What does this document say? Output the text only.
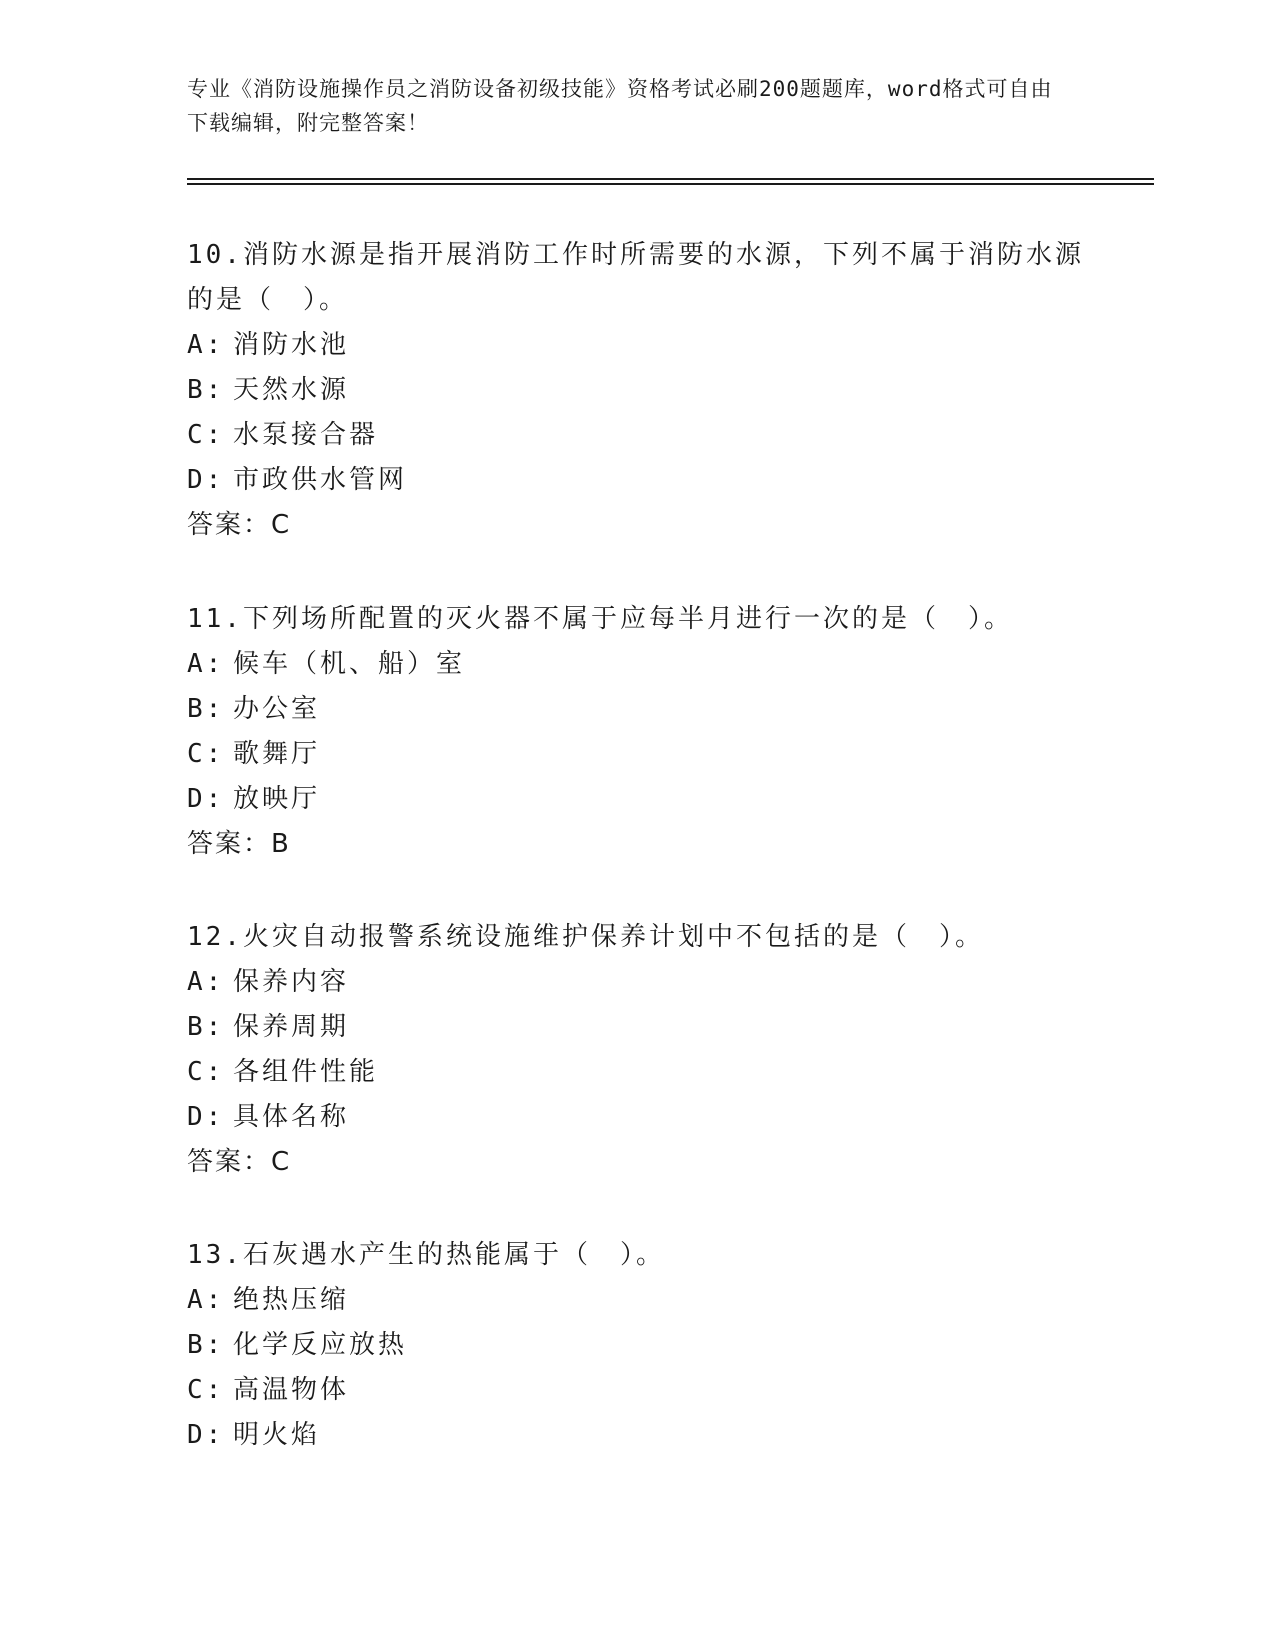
专业《消防设施操作员之消防设备初级技能》资格考试必刷200题题库，word格式可自由下载编辑，附完整答案！

10.消防水源是指开展消防工作时所需要的水源，下列不属于消防水源的是（　）。

A: 消防水池

B: 天然水源

C: 水泵接合器

D: 市政供水管网

答案：C

11.下列场所配置的灭火器不属于应每半月进行一次的是（　）。

A: 候车（机、船）室

B: 办公室

C: 歌舞厅

D: 放映厅

答案：B

12.火灾自动报警系统设施维护保养计划中不包括的是（　）。

A: 保养内容

B: 保养周期

C: 各组件性能

D: 具体名称

答案：C

13.石灰遇水产生的热能属于（　）。

A: 绝热压缩

B: 化学反应放热

C: 高温物体

D: 明火焰
